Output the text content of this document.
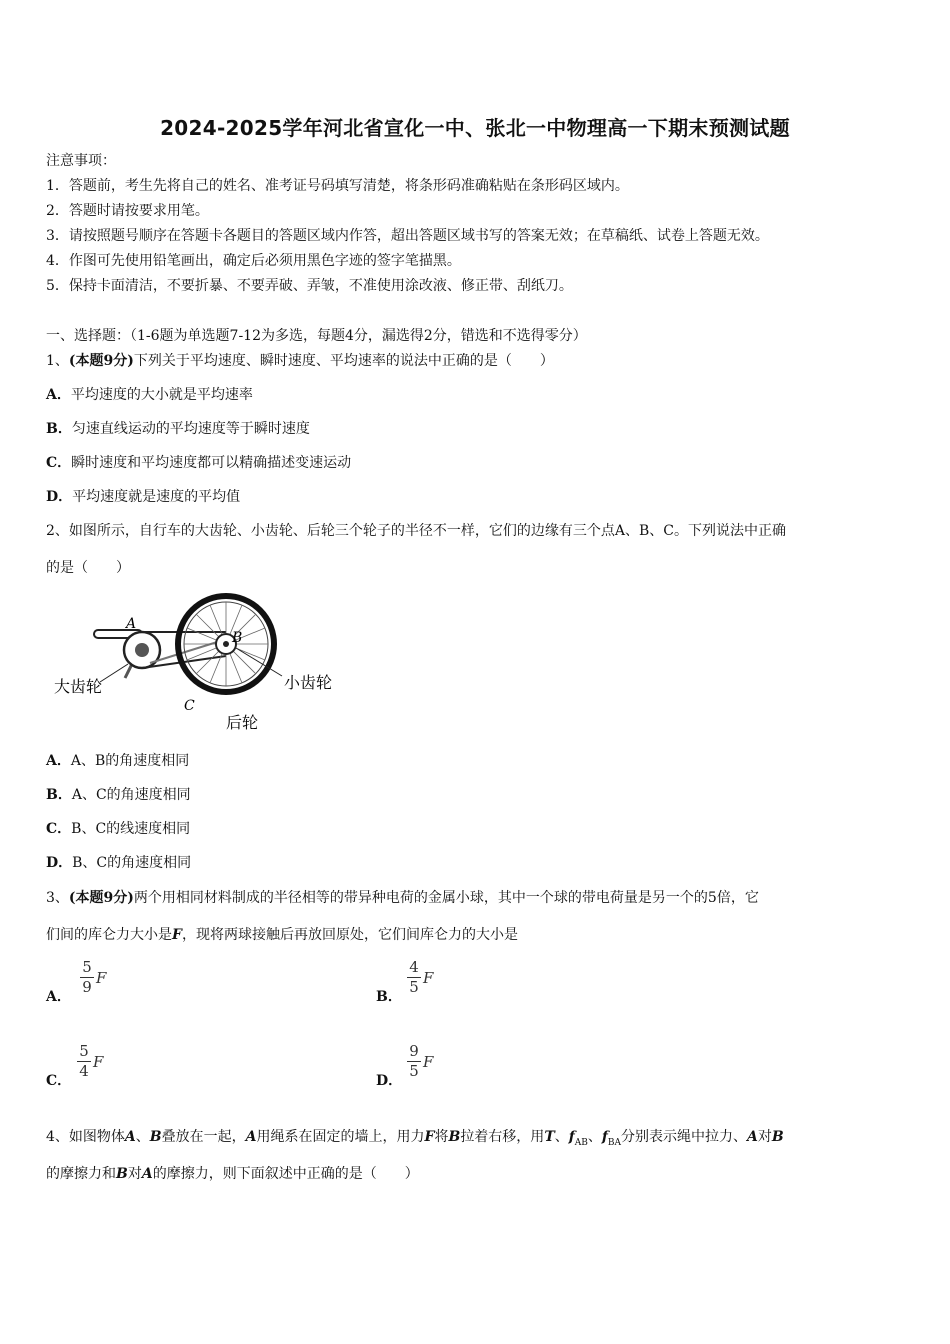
2024-2025学年河北省宣化一中、张北一中物理高一下期末预测试题
注意事项：
1．答题前，考生先将自己的姓名、准考证号码填写清楚，将条形码准确粘贴在条形码区域内。
2．答题时请按要求用笔。
3．请按照题号顺序在答题卡各题目的答题区域内作答，超出答题区域书写的答案无效；在草稿纸、试卷上答题无效。
4．作图可先使用铅笔画出，确定后必须用黑色字迹的签字笔描黑。
5．保持卡面清洁，不要折暴、不要弄破、弄皱，不准使用涂改液、修正带、刮纸刀。
一、选择题：（1-6题为单选题7-12为多选，每题4分，漏选得2分，错选和不选得零分）
1、(本题9分)下列关于平均速度、瞬时速度、平均速率的说法中正确的是（　　）
A．平均速度的大小就是平均速率
B．匀速直线运动的平均速度等于瞬时速度
C．瞬时速度和平均速度都可以精确描述变速运动
D．平均速度就是速度的平均值
2、如图所示，自行车的大齿轮、小齿轮、后轮三个轮子的半径不一样，它们的边缘有三个点A、B、C。下列说法中正确
的是（　　）
A
B
C
大齿轮	小齿轮
后轮
A．A、B的角速度相同
B．A、C的角速度相同
C．B、C的线速度相同
D．B、C的角速度相同
3、(本题9分)两个用相同材料制成的半径相等的带异种电荷的金属小球，其中一个球的带电荷量是另一个的5倍，它
们间的库仑力大小是F，现将两球接触后再放回原处，它们间库仑力的大小是
A．
5
9 F
B．
4
5 F
C．
5
4 F
D．
9
5 F
4、如图物体A、B叠放在一起，A用绳系在固定的墙上，用力F将B拉着右移，用T、$f_{AB}$、$f_{BA}$分别表示绳中拉力、A对B
的摩擦力和B对A的摩擦力，则下面叙述中正确的是（　　）
